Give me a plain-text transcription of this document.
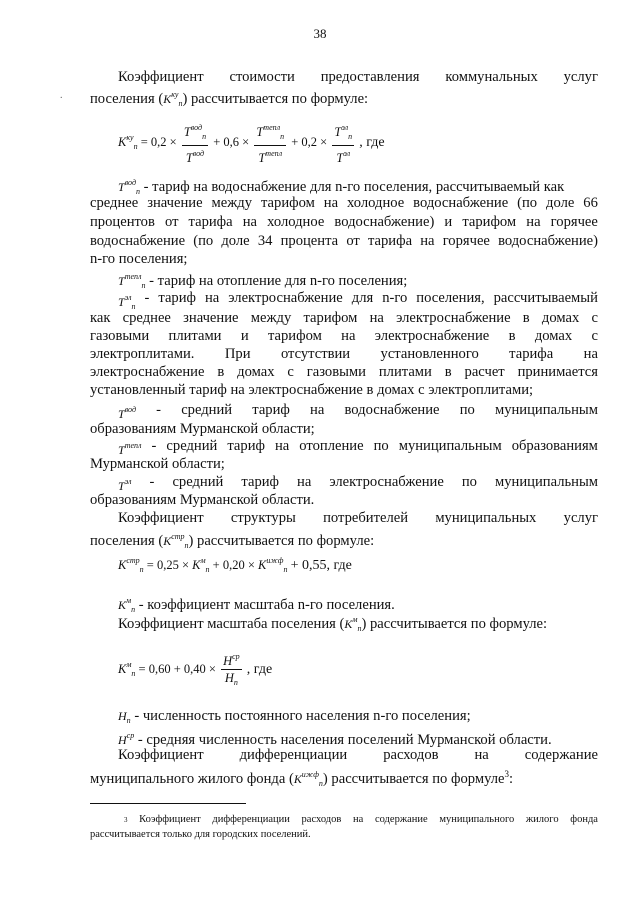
38
Коэффициент стоимости предоставления коммунальных услуг
поселения $(К^{ку}_п)$ рассчитывается по формуле:
.
$К^{ку}_п = 0,2 \times \frac{Т^{вод}_п}{Т^{вод}} + 0,6 \times \frac{Т^{тепл}_п}{Т^{тепл}} + 0,2 \times \frac{Т^{эл}_п}{Т^{эл}}$ , где
$Т^{вод}_п$ - тариф на водоснабжение для n-го поселения, рассчитываемый как
среднее значение между тарифом на холодное водоснабжение (по доле 66
процентов от тарифа на холодное водоснабжение) и тарифом на горячее
водоснабжение (по доле 34 процента от тарифа на горячее водоснабжение)
n-го поселения;
$Т^{тепл}_п$ - тариф на отопление для n-го поселения;
$Т^{эл}_п$
- тариф на электроснабжение для n-го поселения, рассчитываемый
как среднее значение между тарифом на электроснабжение в домах с
газовыми плитами и тарифом на электроснабжение в домах с
электроплитами. При отсутствии установленного тарифа на
электроснабжение в домах с газовыми плитами в расчет принимается
установленный тариф на электроснабжение в домах с электроплитами;
$Т^{вод}$ - средний тариф на водоснабжение по муниципальным
образованиям Мурманской области;
$Т^{тепл}$ - средний тариф на отопление по муниципальным образованиям
Мурманской области;
$Т^{эл}$ - средний тариф на электроснабжение по муниципальным
образованиям Мурманской области.
Коэффициент структуры потребителей муниципальных услуг
поселения $(К^{стр}_п)$ рассчитывается по формуле:
$К^{стр}_п = 0,25 \times К^м_п + 0,20 \times К^{ижф}_п + 0,55$, где
$К^м_п$ - коэффициент масштаба n-го поселения.
Коэффициент масштаба поселения $(К^м_п)$ рассчитывается по формуле:
$К^м_п = 0,60 + 0,40 \times \frac{Н^{ср}}{Н_п}$ , где
$Н_п$ - численность постоянного населения n-го поселения;
$Н^{ср}$ - средняя численность населения поселений Мурманской области.
Коэффициент дифференциации расходов на содержание
муниципального жилого фонда $(К^{ижф}_п)$ рассчитывается по формуле$^3$:
$^3$ Коэффициент дифференциации расходов на содержание муниципального жилого фонда
рассчитывается только для городских поселений.
